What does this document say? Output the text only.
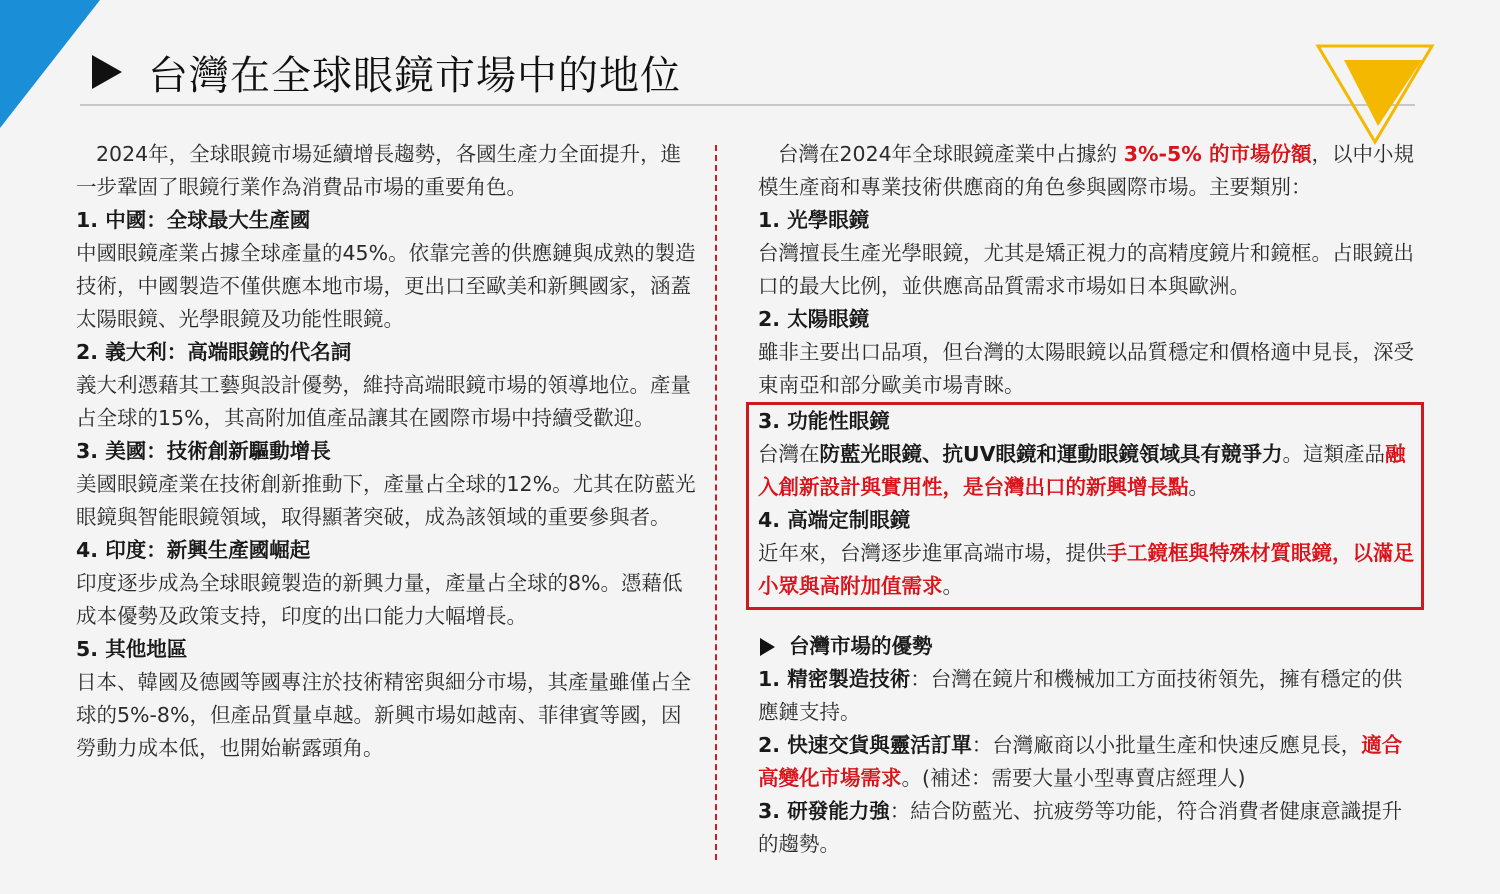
台灣在全球眼鏡市場中的地位

2024年，全球眼鏡市場延續增長趨勢，各國生產力全面提升，進一步鞏固了眼鏡行業作為消費品市場的重要角色。

1. 中國：全球最大生產國

中國眼鏡產業占據全球產量的45%。依靠完善的供應鏈與成熟的製造技術，中國製造不僅供應本地市場，更出口至歐美和新興國家，涵蓋太陽眼鏡、光學眼鏡及功能性眼鏡。

2. 義大利：高端眼鏡的代名詞

義大利憑藉其工藝與設計優勢，維持高端眼鏡市場的領導地位。產量占全球的15%，其高附加值產品讓其在國際市場中持續受歡迎。

3. 美國：技術創新驅動增長

美國眼鏡產業在技術創新推動下，產量占全球的12%。尤其在防藍光眼鏡與智能眼鏡領域，取得顯著突破，成為該領域的重要參與者。

4. 印度：新興生產國崛起

印度逐步成為全球眼鏡製造的新興力量，產量占全球的8%。憑藉低成本優勢及政策支持，印度的出口能力大幅增長。

5. 其他地區

日本、韓國及德國等國專注於技術精密與細分市場，其產量雖僅占全球的5%-8%，但產品質量卓越。新興市場如越南、菲律賓等國，因勞動力成本低，也開始嶄露頭角。

台灣在2024年全球眼鏡產業中占據約 3%-5% 的市場份額，以中小規模生產商和專業技術供應商的角色參與國際市場。主要類別：

1. 光學眼鏡

台灣擅長生產光學眼鏡，尤其是矯正視力的高精度鏡片和鏡框。占眼鏡出口的最大比例，並供應高品質需求市場如日本與歐洲。

2. 太陽眼鏡

雖非主要出口品項，但台灣的太陽眼鏡以品質穩定和價格適中見長，深受東南亞和部分歐美市場青睞。

3. 功能性眼鏡

台灣在防藍光眼鏡、抗UV眼鏡和運動眼鏡領域具有競爭力。這類產品融入創新設計與實用性，是台灣出口的新興增長點。

4. 高端定制眼鏡

近年來，台灣逐步進軍高端市場，提供手工鏡框與特殊材質眼鏡，以滿足小眾與高附加值需求。

台灣市場的優勢

1. 精密製造技術：台灣在鏡片和機械加工方面技術領先，擁有穩定的供應鏈支持。

2. 快速交貨與靈活訂單：台灣廠商以小批量生產和快速反應見長，適合高變化市場需求。(補述：需要大量小型專賣店經理人)

3. 研發能力強：結合防藍光、抗疲勞等功能，符合消費者健康意識提升的趨勢。
